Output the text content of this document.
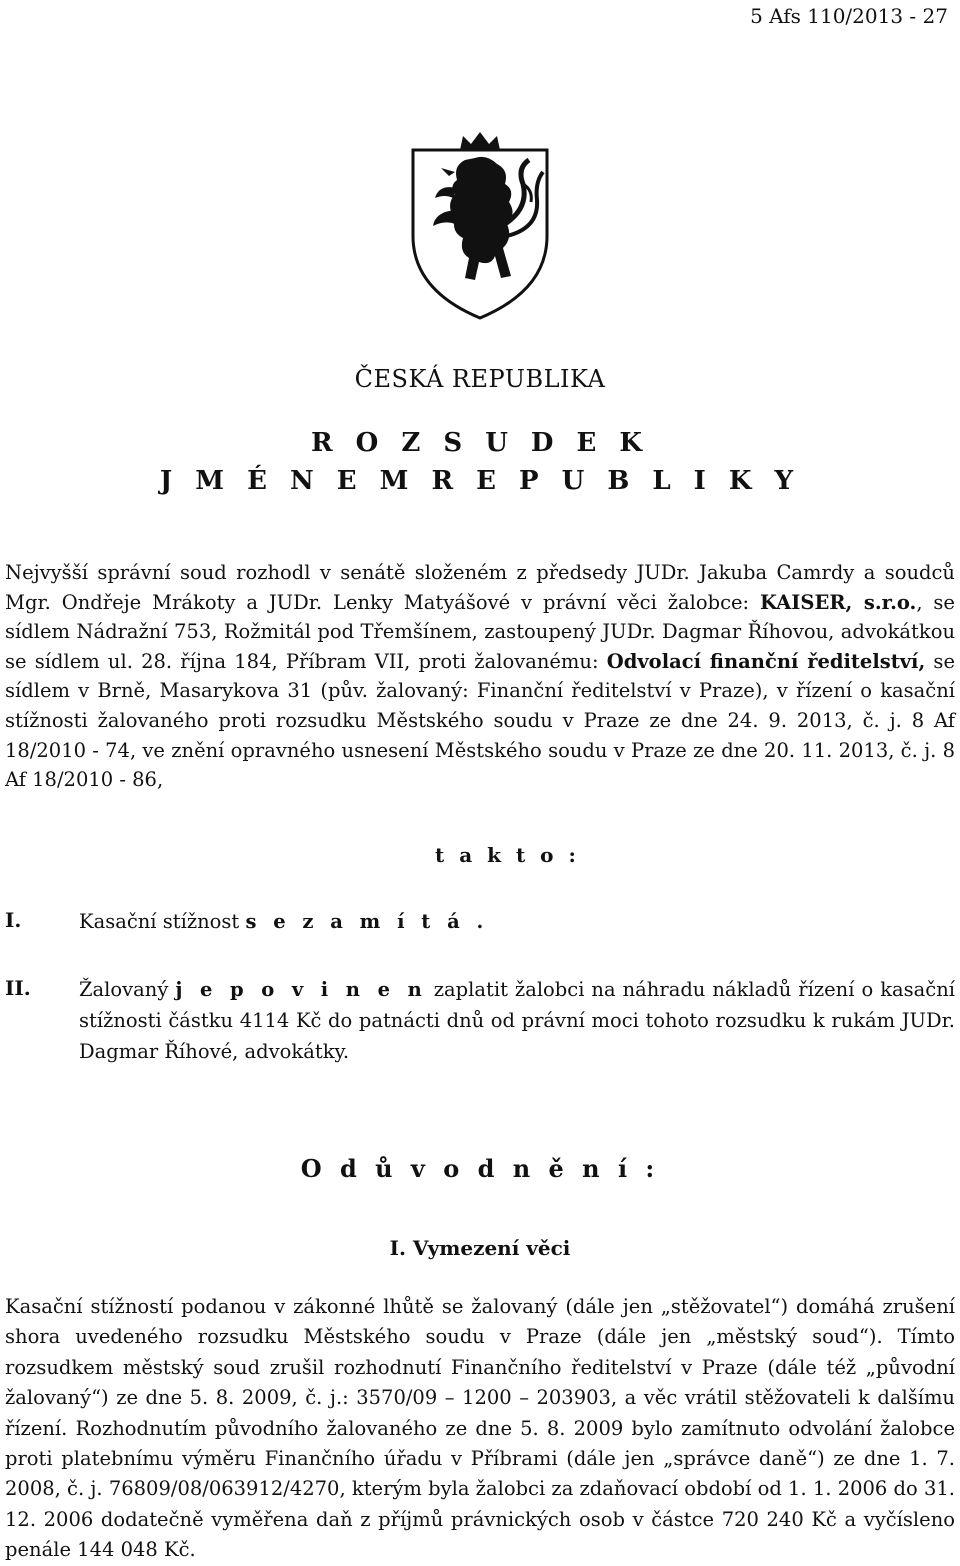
5 Afs 110/2013 - 27
ČESKÁ REPUBLIKA
R O Z S U D E K
J M É N E M R E P U B L I K Y
Nejvyšší správní soud rozhodl v senátě složeném z předsedy JUDr. Jakuba Camrdy a soudců Mgr. Ondřeje Mrákoty a JUDr. Lenky Matyášové v právní věci žalobce: KAISER, s.r.o., se sídlem Nádražní 753, Rožmitál pod Třemšínem, zastoupený JUDr. Dagmar Říhovou, advokátkou se sídlem ul. 28. října 184, Příbram VII, proti žalovanému: Odvolací finanční ředitelství, se sídlem v Brně, Masarykova 31 (pův. žalovaný: Finanční ředitelství v Praze), v řízení o kasační stížnosti žalovaného proti rozsudku Městského soudu v Praze ze dne 24. 9. 2013, č. j. 8 Af 18/2010 - 74, ve znění opravného usnesení Městského soudu v Praze ze dne 20. 11. 2013, č. j. 8 Af 18/2010 - 86,
t a k t o :
I.	Kasační stížnost s e z a m í t á .
II. Žalovaný j e p o v i n e n zaplatit žalobci na náhradu nákladů řízení o kasační stížnosti částku 4114 Kč do patnácti dnů od právní moci tohoto rozsudku k rukám JUDr. Dagmar Říhové, advokátky.
O d ů v o d n ě n í :
I. Vymezení věci
Kasační stížností podanou v zákonné lhůtě se žalovaný (dále jen „stěžovatel“) domáhá zrušení shora uvedeného rozsudku Městského soudu v Praze (dále jen „městský soud“). Tímto rozsudkem městský soud zrušil rozhodnutí Finančního ředitelství v Praze (dále též „původní žalovaný“) ze dne 5. 8. 2009, č. j.: 3570/09 – 1200 – 203903, a věc vrátil stěžovateli k dalšímu řízení. Rozhodnutím původního žalovaného ze dne 5. 8. 2009 bylo zamítnuto odvolání žalobce proti platebnímu výměru Finančního úřadu v Příbrami (dále jen „správce daně“) ze dne 1. 7. 2008, č. j. 76809/08/063912/4270, kterým byla žalobci za zdaňovací období od 1. 1. 2006 do 31. 12. 2006 dodatečně vyměřena daň z příjmů právnických osob v částce 720 240 Kč a vyčísleno penále 144 048 Kč.
